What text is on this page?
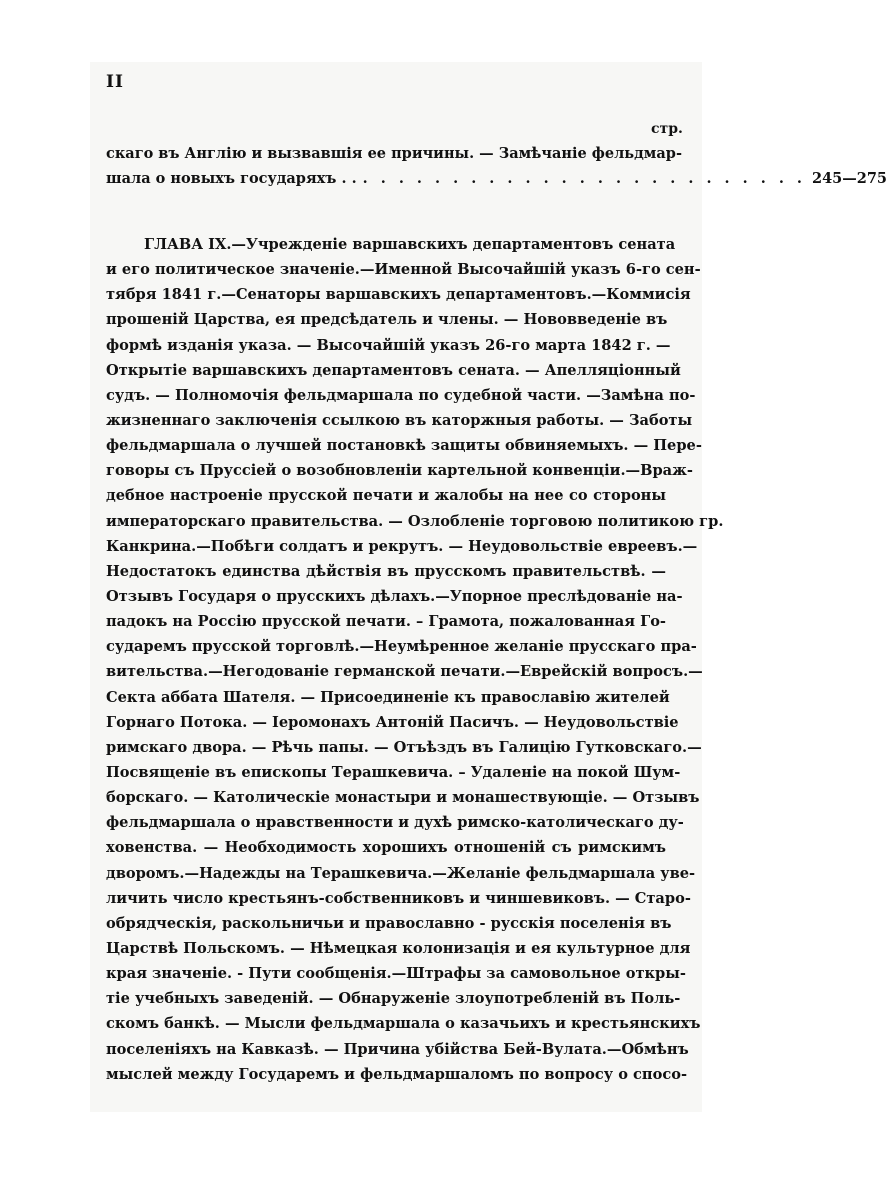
II
стр.
скаго въ Англію и вызвавшія ее причины. — Замѣчаніе фельдмар-
шала о новыхъ государяхъ . . . . . . . . . . . . . . . . . . . . . . . . . . . 245—275
ГЛАВА IX.—Учрежденіе варшавскихъ департаментовъ сената
и его политическое значеніе.—Именной Высочайшій указъ 6-го сен-
тября 1841 г.—Сенаторы варшавскихъ департаментовъ.—Коммисія
прошеній Царства, ея предсѣдатель и члены. — Нововведеніе въ
формѣ изданія указа. — Высочайшій указъ 26-го марта 1842 г. —
Открытіе варшавскихъ департаментовъ сената. — Апелляціонный
судъ. — Полномочія фельдмаршала по судебной части. —Замѣна по-
жизненнаго заключенія ссылкою въ каторжныя работы. — Заботы
фельдмаршала о лучшей постановкѣ защиты обвиняемыхъ. — Пере-
говоры съ Пруссіей о возобновленіи картельной конвенціи.—Враж-
дебное настроеніе прусской печати и жалобы на нее со стороны
императорскаго правительства. — Озлобленіе торговою политикою гр.
Канкрина.—Побѣги солдатъ и рекрутъ. — Неудовольствіе евреевъ.—
Недостатокъ единства дѣйствія въ прусскомъ правительствѣ. —
Отзывъ Государя о прусскихъ дѣлахъ.—Упорное преслѣдованіе на-
падокъ на Россію прусской печати. – Грамота, пожалованная Го-
сударемъ прусской торговлѣ.—Неумѣренное желаніе прусскаго пра-
вительства.—Негодованіе германской печати.—Еврейскій вопросъ.—
Секта аббата Шателя. — Присоединеніе къ православію жителей
Горнаго Потока. — Іеромонахъ Антоній Пасичъ. — Неудовольствіе
римскаго двора. — Рѣчь папы. — Отъѣздъ въ Галицію Гутковскаго.—
Посвященіе въ епископы Терашкевича. – Удаленіе на покой Шум-
борскаго. — Католическіе монастыри и монашествующіе. — Отзывъ
фельдмаршала о нравственности и духѣ римско-католическаго ду-
ховенства. — Необходимость хорошихъ отношеній съ римскимъ
дворомъ.—Надежды на Терашкевича.—Желаніе фельдмаршала уве-
личить число крестьянъ-собственниковъ и чиншевиковъ. — Старо-
обрядческія, раскольничьи и православно - русскія поселенія въ
Царствѣ Польскомъ. — Нѣмецкая колонизація и ея культурное для
края значеніе. - Пути сообщенія.—Штрафы за самовольное откры-
тіе учебныхъ заведеній. — Обнаруженіе злоупотребленій въ Поль-
скомъ банкѣ. — Мысли фельдмаршала о казачьихъ и крестьянскихъ
поселеніяхъ на Кавказѣ. — Причина убійства Бей-Вулата.—Обмѣнъ
мыслей между Государемъ и фельдмаршаломъ по вопросу о спосо-
